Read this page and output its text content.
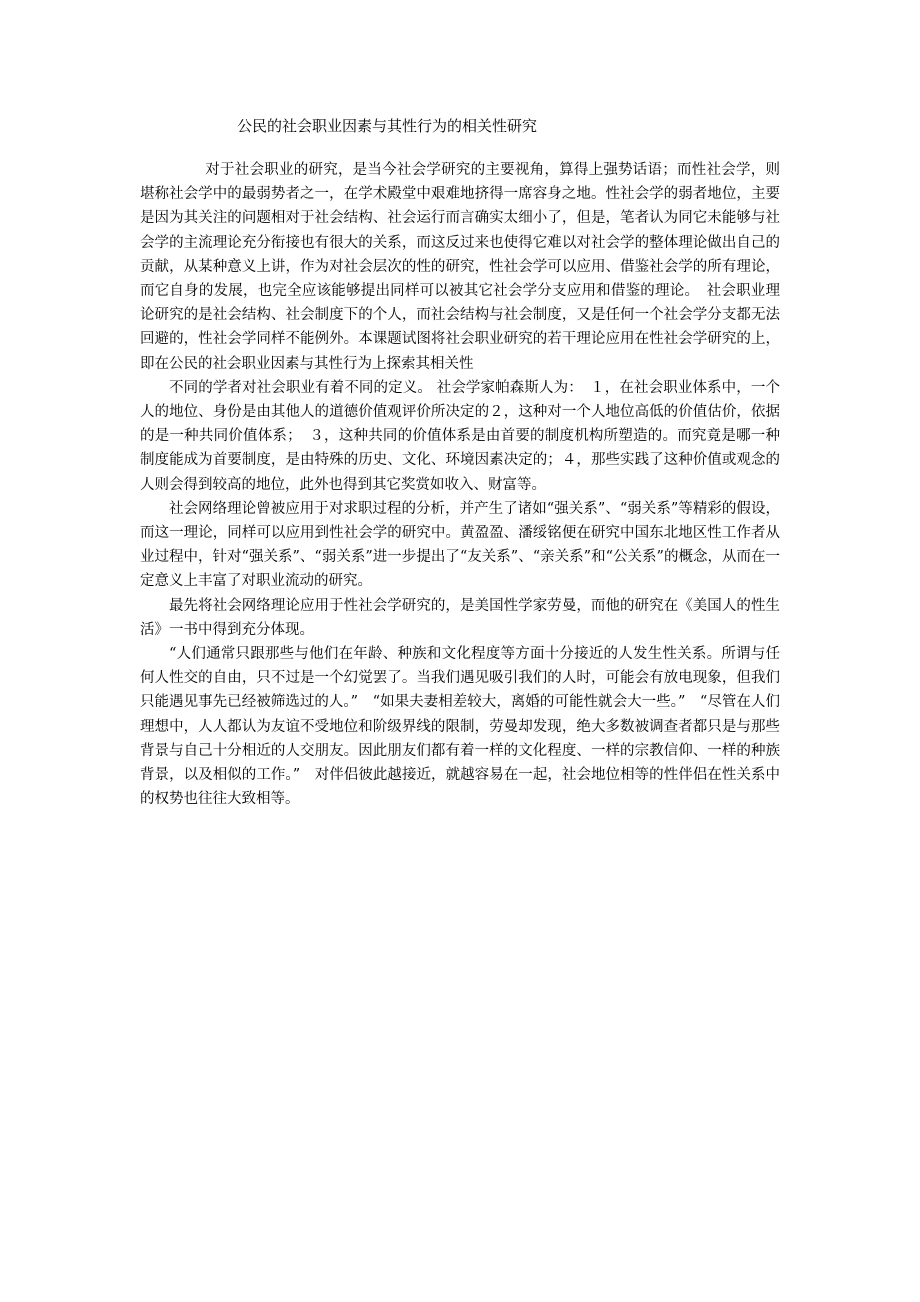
公民的社会职业因素与其性行为的相关性研究

对于社会职业的研究，是当今社会学研究的主要视角，算得上强势话语；而性社会学，则堪称社会学中的最弱势者之一，在学术殿堂中艰难地挤得一席容身之地。性社会学的弱者地位，主要是因为其关注的问题相对于社会结构、社会运行而言确实太细小了，但是，笔者认为同它未能够与社会学的主流理论充分衔接也有很大的关系，而这反过来也使得它难以对社会学的整体理论做出自己的贡献，从某种意义上讲，作为对社会层次的性的研究，性社会学可以应用、借鉴社会学的所有理论，而它自身的发展，也完全应该能够提出同样可以被其它社会学分支应用和借鉴的理论。　社会职业理论研究的是社会结构、社会制度下的个人，而社会结构与社会制度，又是任何一个社会学分支都无法回避的，性社会学同样不能例外。本课题试图将社会职业研究的若干理论应用在性社会学研究的上，即在公民的社会职业因素与其性行为上探索其相关性

不同的学者对社会职业有着不同的定义。 社会学家帕森斯人为：　１，在社会职业体系中，一个人的地位、身份是由其他人的道德价值观评价所决定的２，这种对一个人地位高低的价值估价，依据的是一种共同价值体系；　３，这种共同的价值体系是由首要的制度机构所塑造的。而究竟是哪一种制度能成为首要制度，是由特殊的历史、文化、环境因素决定的；４，那些实践了这种价值或观念的人则会得到较高的地位，此外也得到其它奖赏如收入、财富等。

社会网络理论曾被应用于对求职过程的分析，并产生了诸如“强关系”、“弱关系”等精彩的假设，而这一理论，同样可以应用到性社会学的研究中。黄盈盈、潘绥铭便在研究中国东北地区性工作者从业过程中，针对“强关系”、“弱关系”进一步提出了“友关系”、“亲关系”和“公关系”的概念，从而在一定意义上丰富了对职业流动的研究。

最先将社会网络理论应用于性社会学研究的，是美国性学家劳曼，而他的研究在《美国人的性生活》一书中得到充分体现。

“人们通常只跟那些与他们在年龄、种族和文化程度等方面十分接近的人发生性关系。所谓与任何人性交的自由，只不过是一个幻觉罢了。当我们遇见吸引我们的人时，可能会有放电现象，但我们只能遇见事先已经被筛选过的人。”　“如果夫妻相差较大，离婚的可能性就会大一些。”　“尽管在人们理想中，人人都认为友谊不受地位和阶级界线的限制，劳曼却发现，绝大多数被调查者都只是与那些背景与自己十分相近的人交朋友。因此朋友们都有着一样的文化程度、一样的宗教信仰、一样的种族背景，以及相似的工作。”　对伴侣彼此越接近，就越容易在一起，社会地位相等的性伴侣在性关系中的权势也往往大致相等。
